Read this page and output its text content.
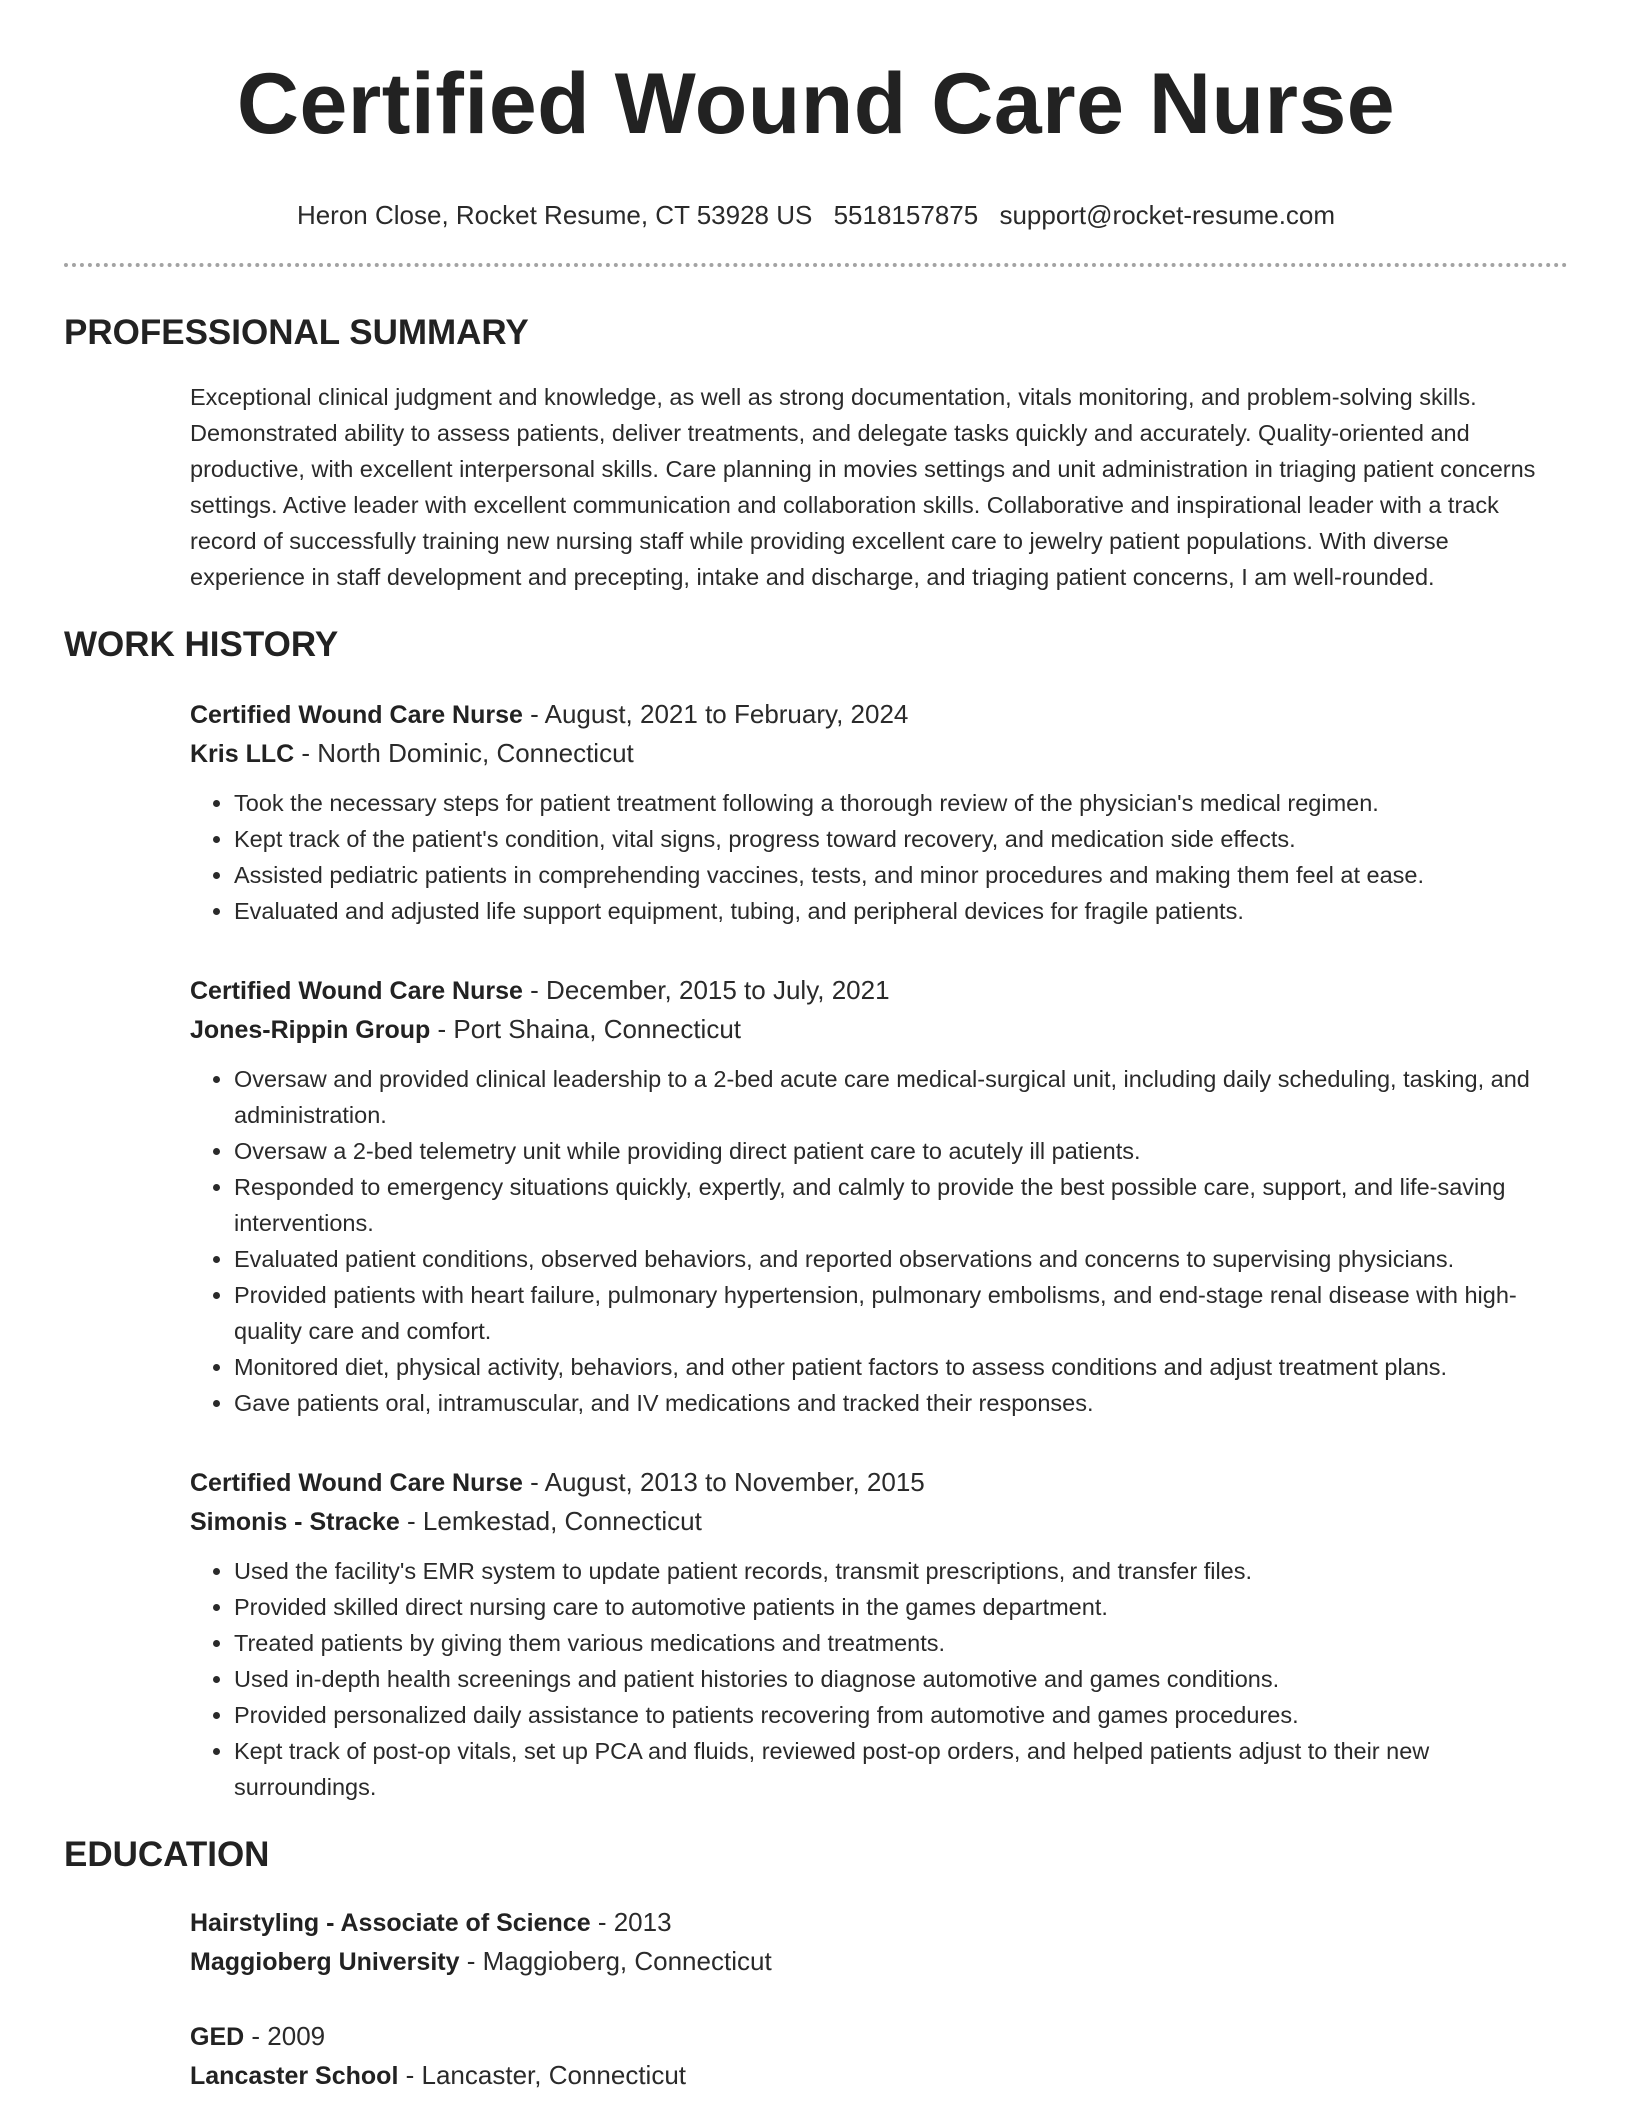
Certified Wound Care Nurse
Heron Close, Rocket Resume, CT 53928 US 5518157875 support@rocket-resume.com
PROFESSIONAL SUMMARY

Exceptional clinical judgment and knowledge, as well as strong documentation, vitals monitoring, and problem-solving skills. Demonstrated ability to assess patients, deliver treatments, and delegate tasks quickly and accurately. Quality-oriented and productive, with excellent interpersonal skills. Care planning in movies settings and unit administration in triaging patient concerns settings. Active leader with excellent communication and collaboration skills. Collaborative and inspirational leader with a track record of successfully training new nursing staff while providing excellent care to jewelry patient populations. With diverse experience in staff development and precepting, intake and discharge, and triaging patient concerns, I am well-rounded.

WORK HISTORY
Certified Wound Care Nurse - August, 2021 to February, 2024
Kris LLC - North Dominic, Connecticut
• Took the necessary steps for patient treatment following a thorough review of the physician's medical regimen.
• Kept track of the patient's condition, vital signs, progress toward recovery, and medication side effects.
• Assisted pediatric patients in comprehending vaccines, tests, and minor procedures and making them feel at ease.
• Evaluated and adjusted life support equipment, tubing, and peripheral devices for fragile patients.
Certified Wound Care Nurse - December, 2015 to July, 2021
Jones-Rippin Group - Port Shaina, Connecticut
• Oversaw and provided clinical leadership to a 2-bed acute care medical-surgical unit, including daily scheduling, tasking, and administration.
• Oversaw a 2-bed telemetry unit while providing direct patient care to acutely ill patients.
• Responded to emergency situations quickly, expertly, and calmly to provide the best possible care, support, and life-saving interventions.
• Evaluated patient conditions, observed behaviors, and reported observations and concerns to supervising physicians.
• Provided patients with heart failure, pulmonary hypertension, pulmonary embolisms, and end-stage renal disease with high-quality care and comfort.
• Monitored diet, physical activity, behaviors, and other patient factors to assess conditions and adjust treatment plans.
• Gave patients oral, intramuscular, and IV medications and tracked their responses.
Certified Wound Care Nurse - August, 2013 to November, 2015
Simonis - Stracke - Lemkestad, Connecticut
• Used the facility's EMR system to update patient records, transmit prescriptions, and transfer files.
• Provided skilled direct nursing care to automotive patients in the games department.
• Treated patients by giving them various medications and treatments.
• Used in-depth health screenings and patient histories to diagnose automotive and games conditions.
• Provided personalized daily assistance to patients recovering from automotive and games procedures.
• Kept track of post-op vitals, set up PCA and fluids, reviewed post-op orders, and helped patients adjust to their new surroundings.
EDUCATION
Hairstyling - Associate of Science - 2013
Maggioberg University - Maggioberg, Connecticut
GED - 2009
Lancaster School - Lancaster, Connecticut
